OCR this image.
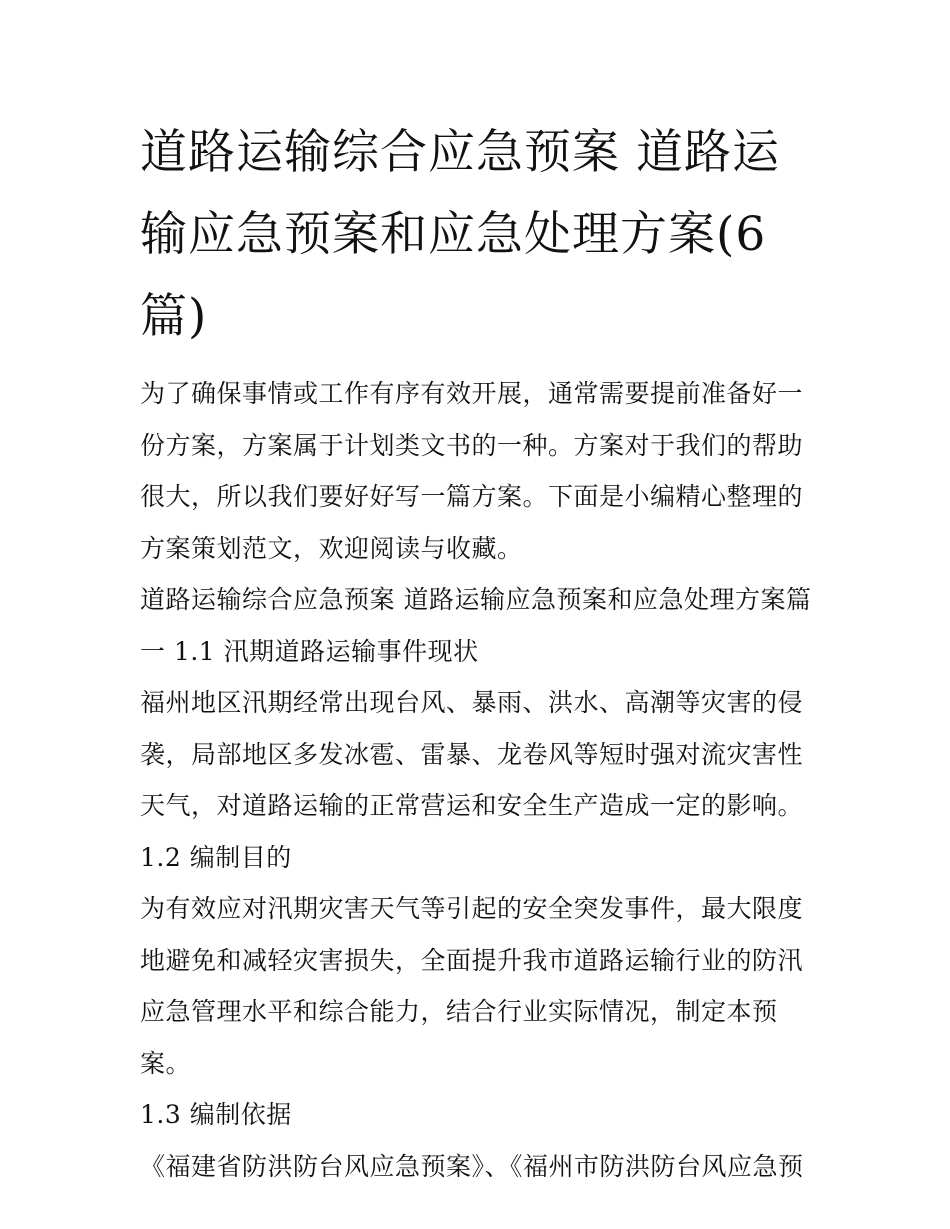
道路运输综合应急预案 道路运输应急预案和应急处理方案(6篇)

为了确保事情或工作有序有效开展，通常需要提前准备好一份方案，方案属于计划类文书的一种。方案对于我们的帮助很大，所以我们要好好写一篇方案。下面是小编精心整理的方案策划范文，欢迎阅读与收藏。

道路运输综合应急预案 道路运输应急预案和应急处理方案篇一 1.1 汛期道路运输事件现状

福州地区汛期经常出现台风、暴雨、洪水、高潮等灾害的侵袭，局部地区多发冰雹、雷暴、龙卷风等短时强对流灾害性天气，对道路运输的正常营运和安全生产造成一定的影响。

1.2 编制目的

为有效应对汛期灾害天气等引起的安全突发事件，最大限度地避免和减轻灾害损失，全面提升我市道路运输行业的防汛应急管理水平和综合能力，结合行业实际情况，制定本预案。

1.3 编制依据

《福建省防洪防台风应急预案》、《福州市防洪防台风应急预
